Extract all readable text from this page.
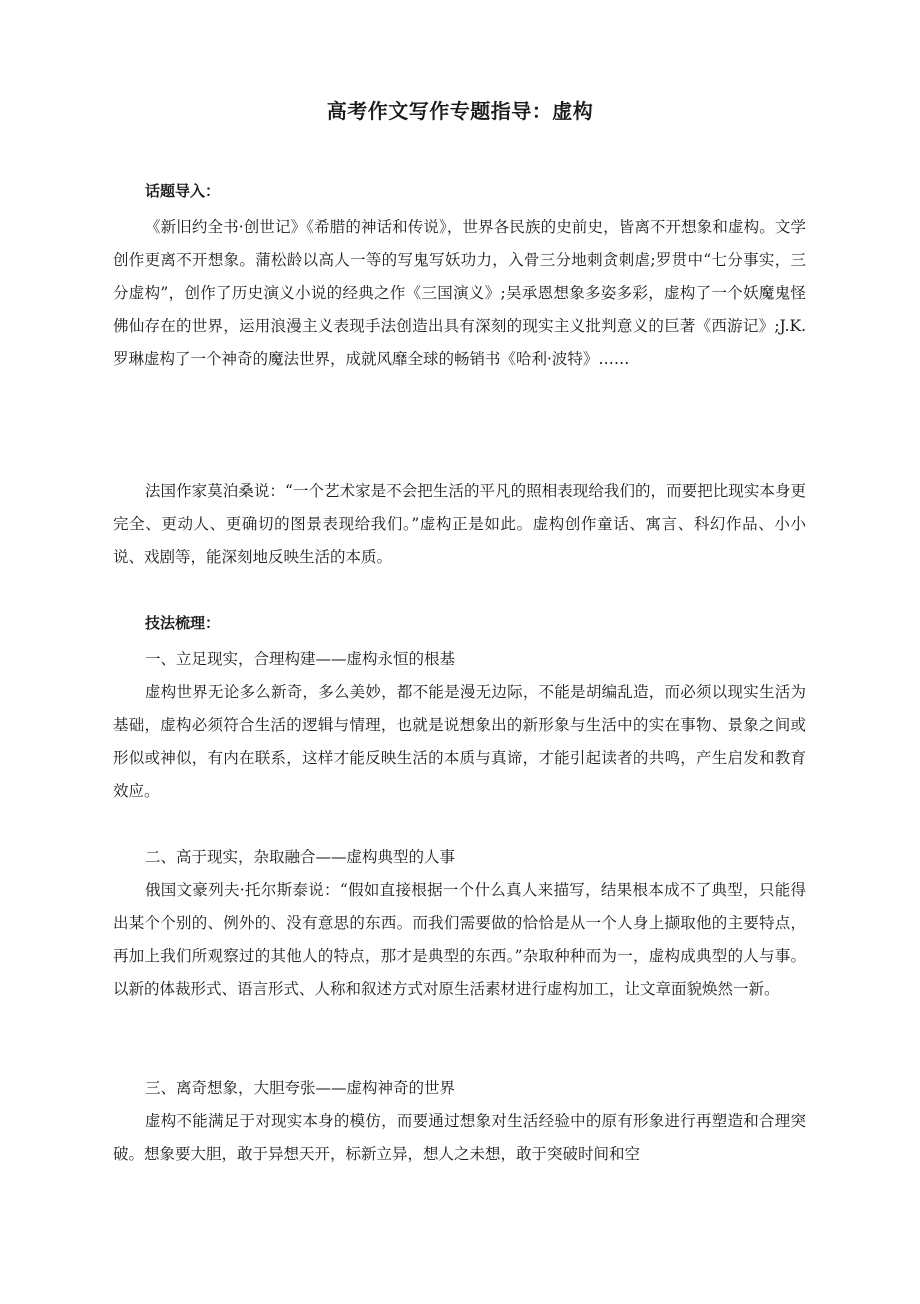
高考作文写作专题指导：虚构
话题导入：

《新旧约全书·创世记》《希腊的神话和传说》，世界各民族的史前史，皆离不开想象和虚构。文学创作更离不开想象。蒲松龄以高人一等的写鬼写妖功力，入骨三分地刺贪刺虐;罗贯中“七分事实，三分虚构”，创作了历史演义小说的经典之作《三国演义》;吴承恩想象多姿多彩，虚构了一个妖魔鬼怪佛仙存在的世界，运用浪漫主义表现手法创造出具有深刻的现实主义批判意义的巨著《西游记》;J.K.罗琳虚构了一个神奇的魔法世界，成就风靡全球的畅销书《哈利·波特》……

法国作家莫泊桑说：“一个艺术家是不会把生活的平凡的照相表现给我们的，而要把比现实本身更完全、更动人、更确切的图景表现给我们。”虚构正是如此。虚构创作童话、寓言、科幻作品、小小说、戏剧等，能深刻地反映生活的本质。

技法梳理：

一、立足现实，合理构建——虚构永恒的根基

虚构世界无论多么新奇，多么美妙，都不能是漫无边际，不能是胡编乱造，而必须以现实生活为基础，虚构必须符合生活的逻辑与情理，也就是说想象出的新形象与生活中的实在事物、景象之间或形似或神似，有内在联系，这样才能反映生活的本质与真谛，才能引起读者的共鸣，产生启发和教育效应。

二、高于现实，杂取融合——虚构典型的人事

俄国文豪列夫·托尔斯泰说：“假如直接根据一个什么真人来描写，结果根本成不了典型，只能得出某个个别的、例外的、没有意思的东西。而我们需要做的恰恰是从一个人身上撷取他的主要特点，再加上我们所观察过的其他人的特点，那才是典型的东西。”杂取种种而为一，虚构成典型的人与事。以新的体裁形式、语言形式、人称和叙述方式对原生活素材进行虚构加工，让文章面貌焕然一新。

三、离奇想象，大胆夸张——虚构神奇的世界

虚构不能满足于对现实本身的模仿，而要通过想象对生活经验中的原有形象进行再塑造和合理突破。想象要大胆，敢于异想天开，标新立异，想人之未想，敢于突破时间和空
